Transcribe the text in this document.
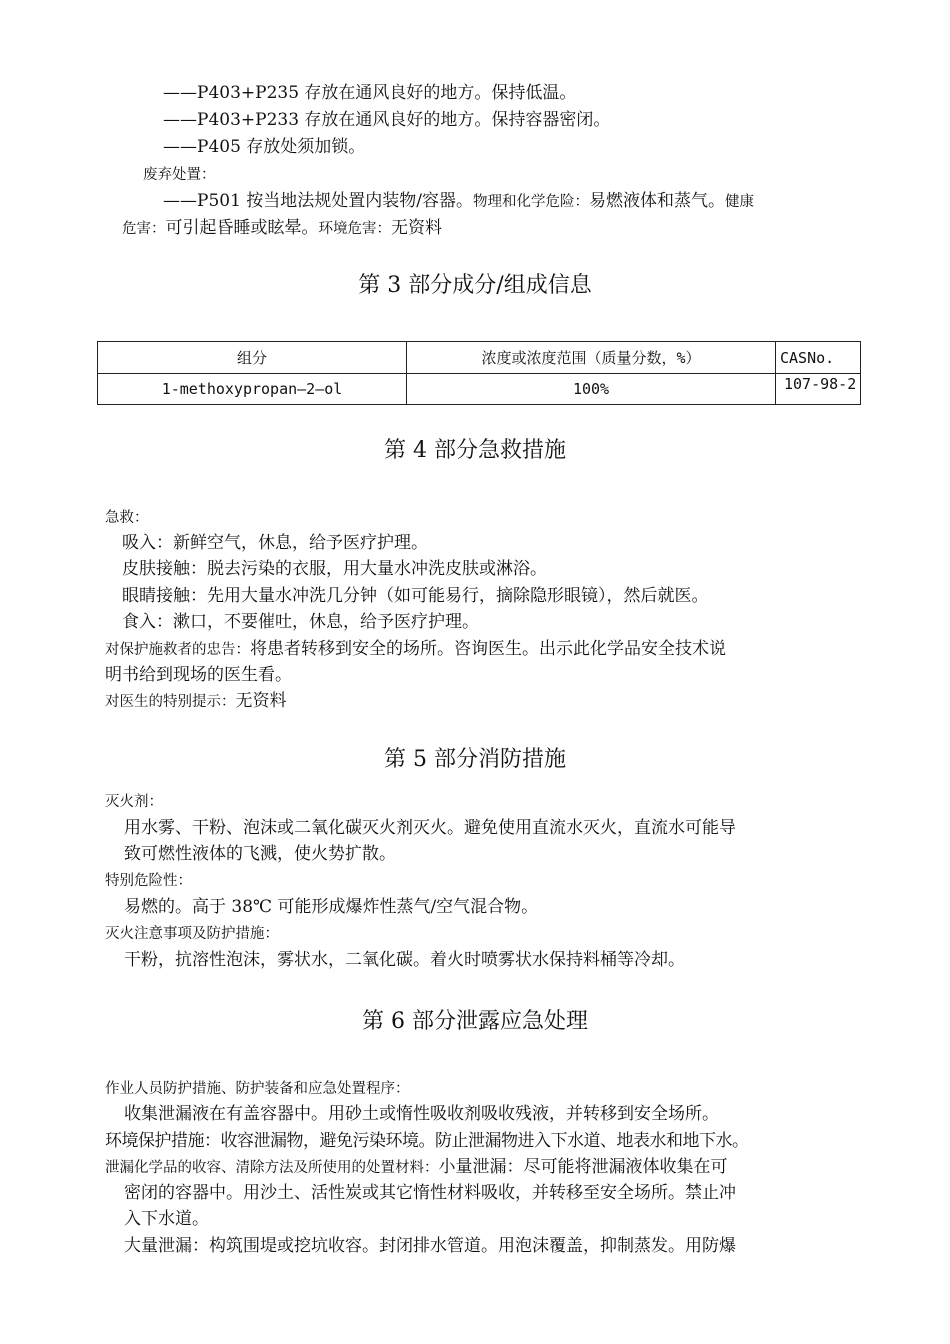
——P403+P235 存放在通风良好的地方。保持低温。
——P403+P233 存放在通风良好的地方。保持容器密闭。
——P405 存放处须加锁。
废弃处置：
——P501 按当地法规处置内装物/容器。物理和化学危险：易燃液体和蒸气。健康
危害：可引起昏睡或眩晕。环境危害：无资料
第 3 部分成分/组成信息
组分	浓度或浓度范围（质量分数，%）	CASNo.
1-methoxypropan—2—ol	100%	107-98-2
第 4 部分急救措施
急救：
吸入：新鲜空气，休息，给予医疗护理。
皮肤接触：脱去污染的衣服，用大量水冲洗皮肤或淋浴。
眼睛接触：先用大量水冲洗几分钟（如可能易行，摘除隐形眼镜），然后就医。
食入：漱口，不要催吐，休息，给予医疗护理。
对保护施救者的忠告：将患者转移到安全的场所。咨询医生。出示此化学品安全技术说
明书给到现场的医生看。
对医生的特别提示：无资料
第 5 部分消防措施
灭火剂：
用水雾、干粉、泡沫或二氧化碳灭火剂灭火。避免使用直流水灭火，直流水可能导
致可燃性液体的飞溅，使火势扩散。
特别危险性：
易燃的。高于 38℃ 可能形成爆炸性蒸气/空气混合物。
灭火注意事项及防护措施：
干粉，抗溶性泡沫，雾状水，二氧化碳。着火时喷雾状水保持料桶等冷却。
第 6 部分泄露应急处理
作业人员防护措施、防护装备和应急处置程序：
收集泄漏液在有盖容器中。用砂土或惰性吸收剂吸收残液，并转移到安全场所。
环境保护措施：收容泄漏物，避免污染环境。防止泄漏物进入下水道、地表水和地下水。
泄漏化学品的收容、清除方法及所使用的处置材料：小量泄漏：尽可能将泄漏液体收集在可
密闭的容器中。用沙土、活性炭或其它惰性材料吸收，并转移至安全场所。禁止冲
入下水道。
大量泄漏：构筑围堤或挖坑收容。封闭排水管道。用泡沫覆盖，抑制蒸发。用防爆
